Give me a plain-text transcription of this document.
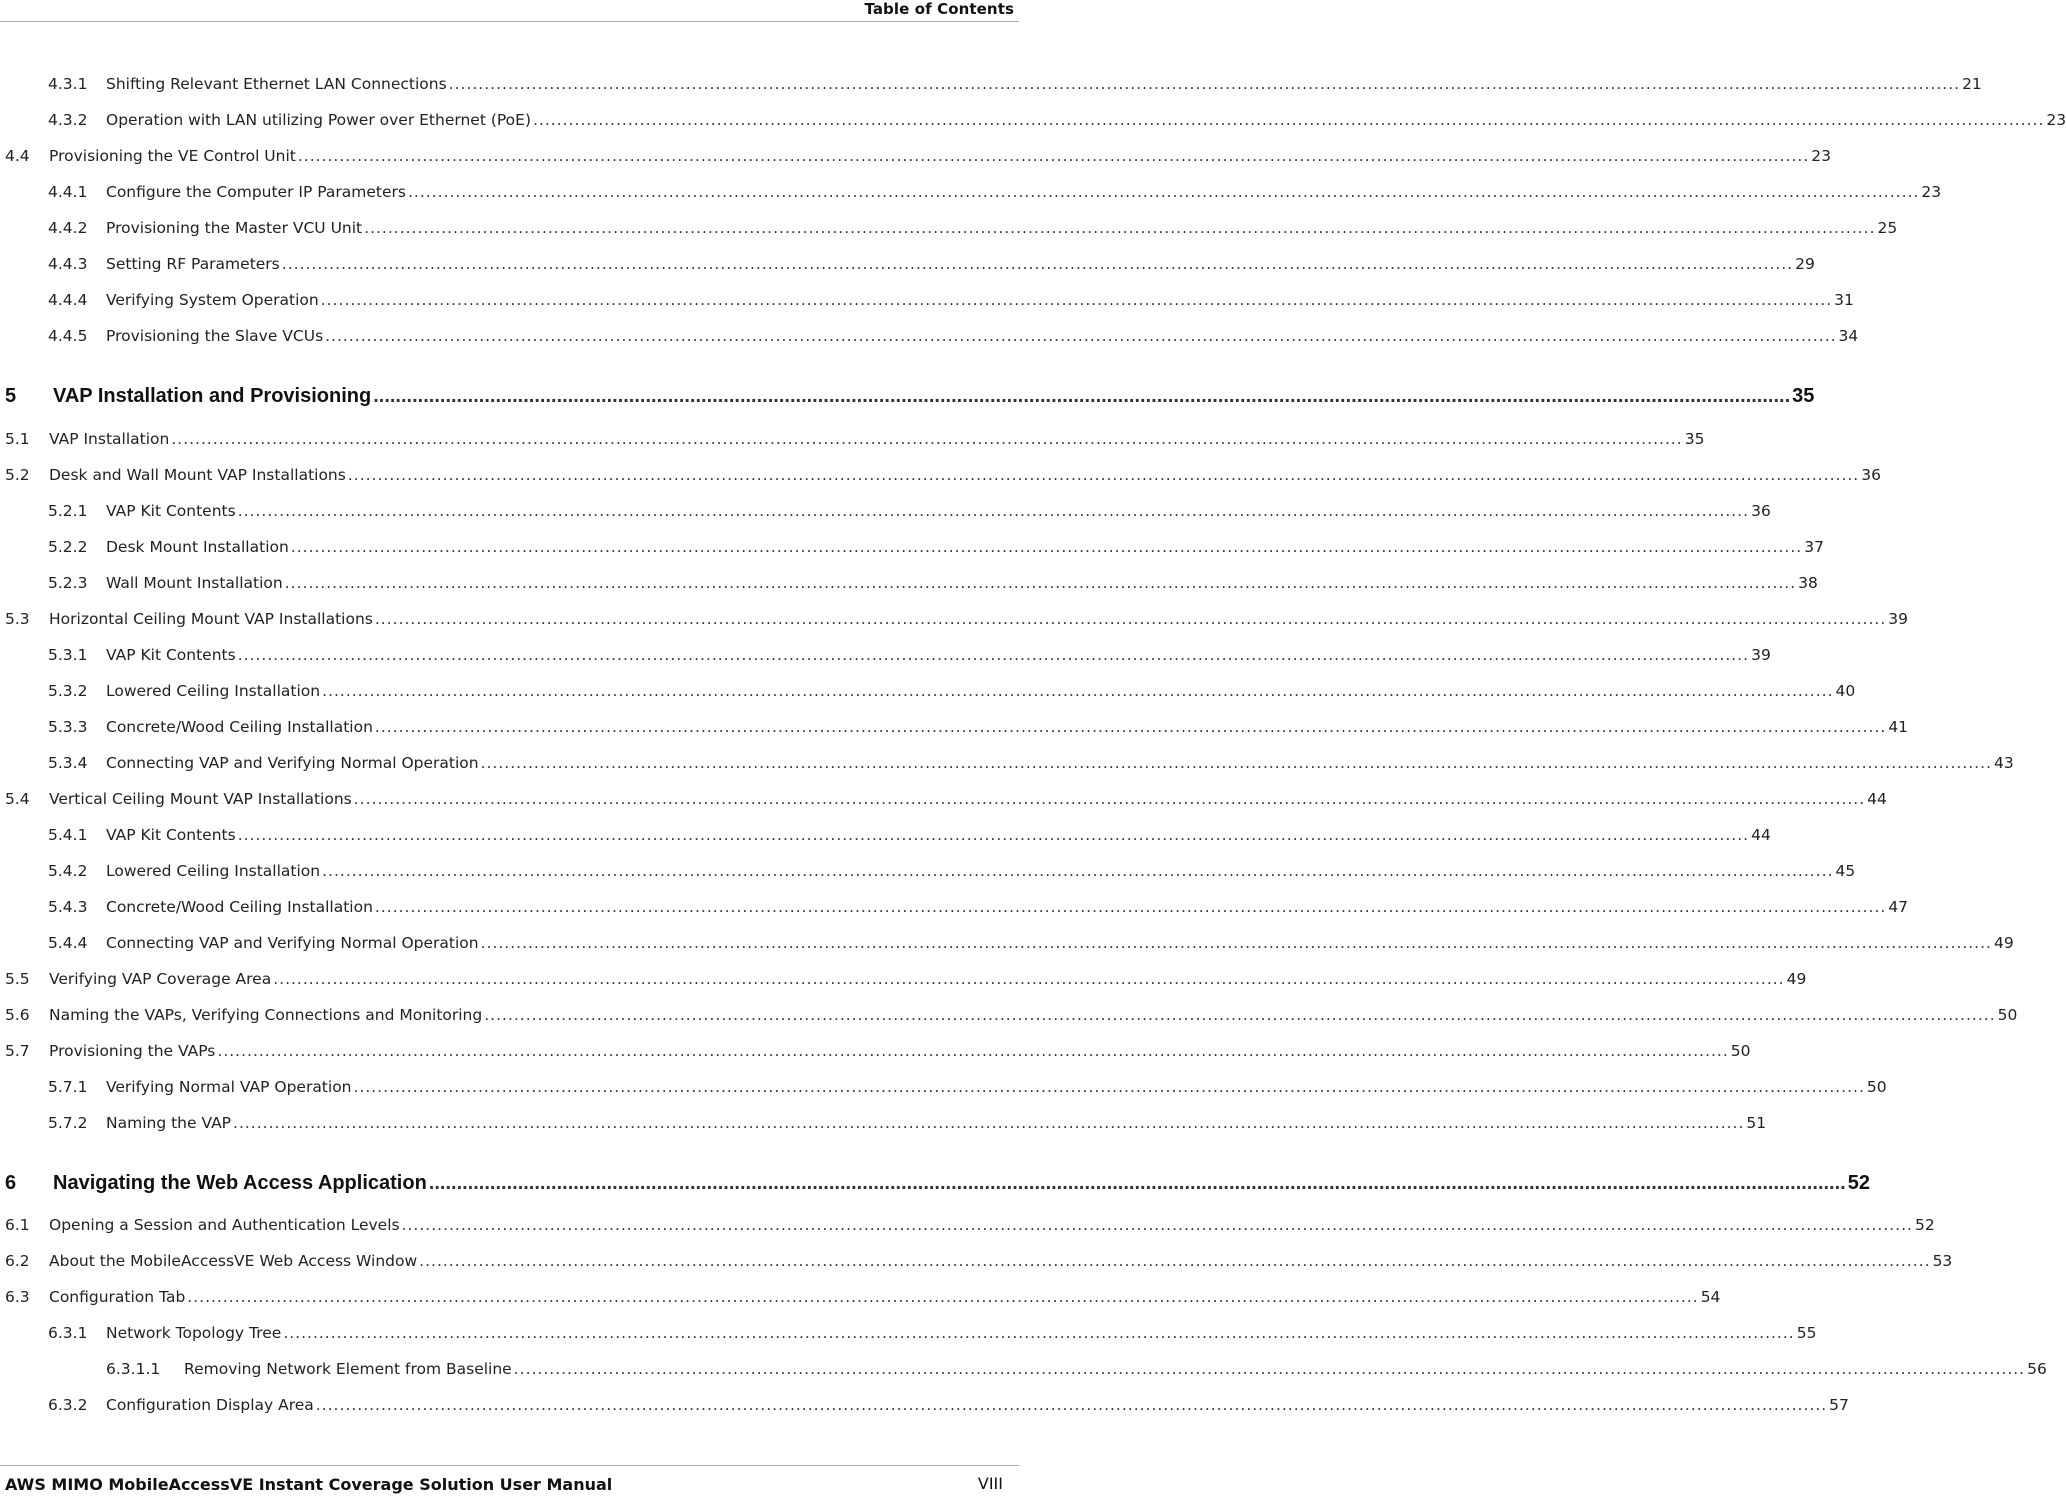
Table of Contents
4.3.1	Shifting Relevant Ethernet LAN Connections .....	21
4.3.2	Operation with LAN utilizing Power over Ethernet (PoE) .....	23
4.4	Provisioning the VE Control Unit .....	23
4.4.1	Configure the Computer IP Parameters .....	23
4.4.2	Provisioning the Master VCU Unit .....	25
4.4.3	Setting RF Parameters .....	29
4.4.4	Verifying System Operation .....	31
4.4.5	Provisioning the Slave VCUs .....	34
5	VAP Installation and Provisioning .....	35
5.1	VAP Installation .....	35
5.2	Desk and Wall Mount VAP Installations .....	36
5.2.1	VAP Kit Contents .....	36
5.2.2	Desk Mount Installation .....	37
5.2.3	Wall Mount Installation .....	38
5.3	Horizontal Ceiling Mount VAP Installations .....	39
5.3.1	VAP Kit Contents .....	39
5.3.2	Lowered Ceiling Installation .....	40
5.3.3	Concrete/Wood Ceiling Installation .....	41
5.3.4	Connecting VAP and Verifying Normal Operation .....	43
5.4	Vertical Ceiling Mount VAP Installations .....	44
5.4.1	VAP Kit Contents .....	44
5.4.2	Lowered Ceiling Installation .....	45
5.4.3	Concrete/Wood Ceiling Installation .....	47
5.4.4	Connecting VAP and Verifying Normal Operation .....	49
5.5	Verifying VAP Coverage Area .....	49
5.6	Naming the VAPs, Verifying Connections and Monitoring .....	50
5.7	Provisioning the VAPs .....	50
5.7.1	Verifying Normal VAP Operation .....	50
5.7.2	Naming the VAP .....	51
6	Navigating the Web Access Application .....	52
6.1	Opening a Session and Authentication Levels .....	52
6.2	About the MobileAccessVE Web Access Window .....	53
6.3	Configuration Tab .....	54
6.3.1	Network Topology Tree .....	55
6.3.1.1	Removing Network Element from Baseline .....	56
6.3.2	Configuration Display Area .....	57
AWS MIMO MobileAccessVE Instant Coverage Solution User Manual	VIII
